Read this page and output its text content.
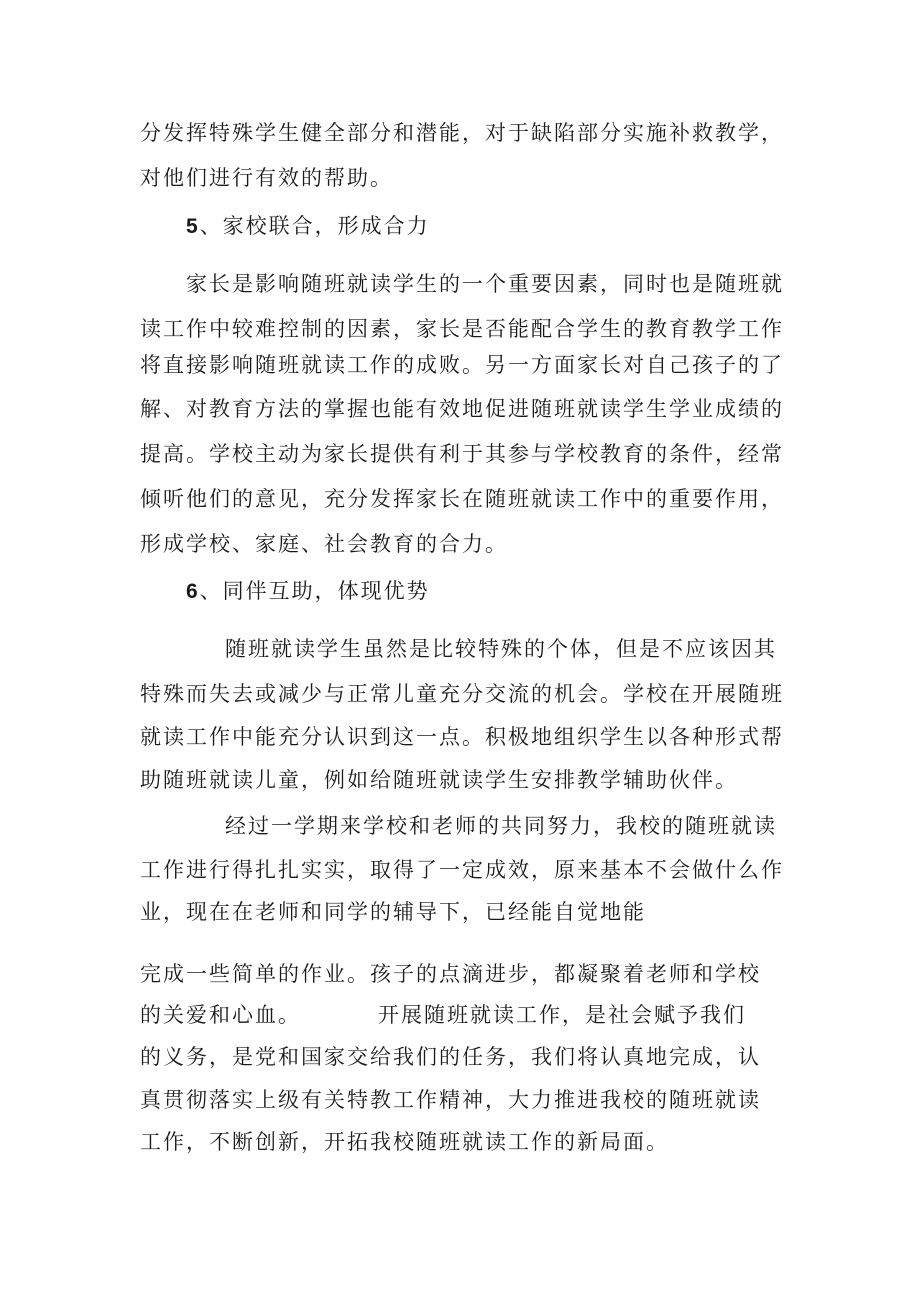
分发挥特殊学生健全部分和潜能，对于缺陷部分实施补救教学，
对他们进行有效的帮助。
5、家校联合，形成合力
家长是影响随班就读学生的一个重要因素，同时也是随班就
读工作中较难控制的因素，家长是否能配合学生的教育教学工作
将直接影响随班就读工作的成败。另一方面家长对自己孩子的了
解、对教育方法的掌握也能有效地促进随班就读学生学业成绩的
提高。学校主动为家长提供有利于其参与学校教育的条件，经常
倾听他们的意见，充分发挥家长在随班就读工作中的重要作用，
形成学校、家庭、社会教育的合力。
6、同伴互助，体现优势
随班就读学生虽然是比较特殊的个体，但是不应该因其
特殊而失去或减少与正常儿童充分交流的机会。学校在开展随班
就读工作中能充分认识到这一点。积极地组织学生以各种形式帮
助随班就读儿童，例如给随班就读学生安排教学辅助伙伴。
经过一学期来学校和老师的共同努力，我校的随班就读
工作进行得扎扎实实，取得了一定成效，原来基本不会做什么作
业，现在在老师和同学的辅导下，已经能自觉地能
完成一些简单的作业。孩子的点滴进步，都凝聚着老师和学校
的关爱和心血。	开展随班就读工作，是社会赋予我们
的义务，是党和国家交给我们的任务，我们将认真地完成，认
真贯彻落实上级有关特教工作精神，大力推进我校的随班就读
工作，不断创新，开拓我校随班就读工作的新局面。
